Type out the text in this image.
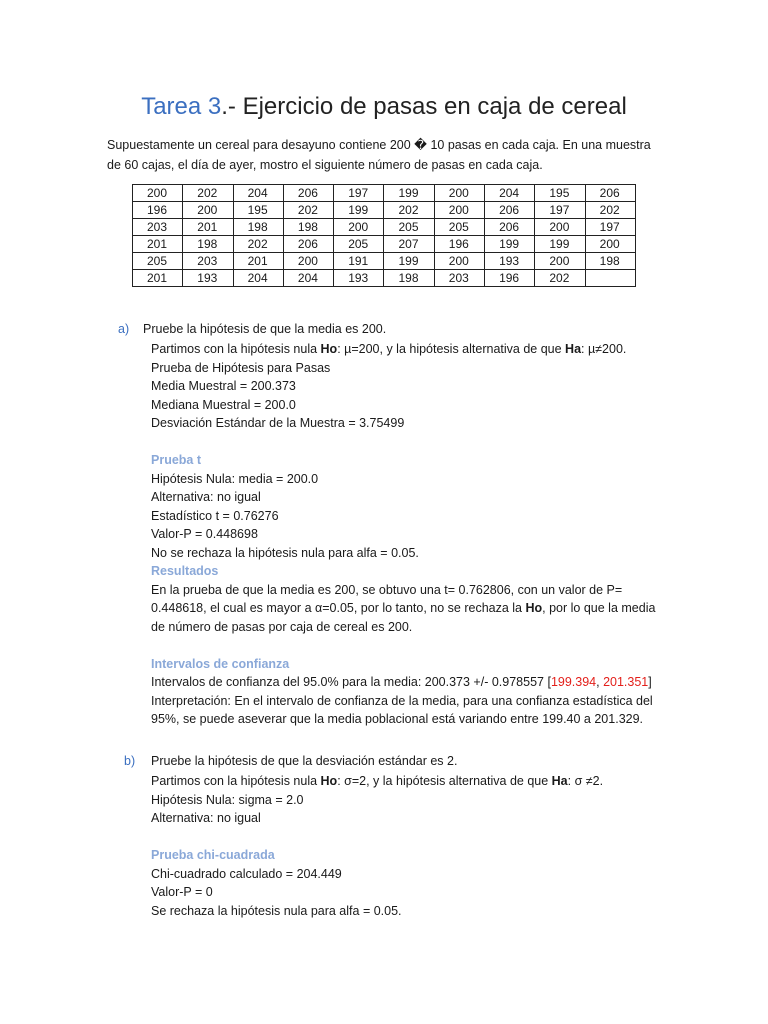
Tarea 3.- Ejercicio de pasas en caja de cereal
Supuestamente un cereal para desayuno contiene 200 � 10 pasas en cada caja. En una muestra de 60 cajas, el día de ayer, mostro el siguiente número de pasas en cada caja.
200	202	204	206	197	199	200	204	195	206
196	200	195	202	199	202	200	206	197	202
203	201	198	198	200	205	205	206	200	197
201	198	202	206	205	207	196	199	199	200
205	203	201	200	191	199	200	193	200	198
201	193	204	204	193	198	203	196	202	
a) Pruebe la hipótesis de que la media es 200.
Partimos con la hipótesis nula Ho: µ=200, y la hipótesis alternativa de que Ha: µ≠200.
Prueba de Hipótesis para Pasas
Media Muestral = 200.373
Mediana Muestral = 200.0
Desviación Estándar de la Muestra = 3.75499
Prueba t
Hipótesis Nula: media = 200.0
Alternativa: no igual
Estadístico t = 0.76276
Valor-P = 0.448698
No se rechaza la hipótesis nula para alfa = 0.05.
Resultados
En la prueba de que la media es 200, se obtuvo una t= 0.762806, con un valor de P= 0.448618, el cual es mayor a α=0.05, por lo tanto, no se rechaza la Ho, por lo que la media de número de pasas por caja de cereal es 200.
Intervalos de confianza
Intervalos de confianza del 95.0% para la media: 200.373 +/- 0.978557 [199.394, 201.351]
Interpretación: En el intervalo de confianza de la media, para una confianza estadística del 95%, se puede aseverar que la media poblacional está variando entre 199.40 a 201.329.
b) Pruebe la hipótesis de que la desviación estándar es 2.
Partimos con la hipótesis nula Ho: σ=2, y la hipótesis alternativa de que Ha: σ ≠2.
Hipótesis Nula: sigma = 2.0
Alternativa: no igual
Prueba chi-cuadrada
Chi-cuadrado calculado = 204.449
Valor-P = 0
Se rechaza la hipótesis nula para alfa = 0.05.
